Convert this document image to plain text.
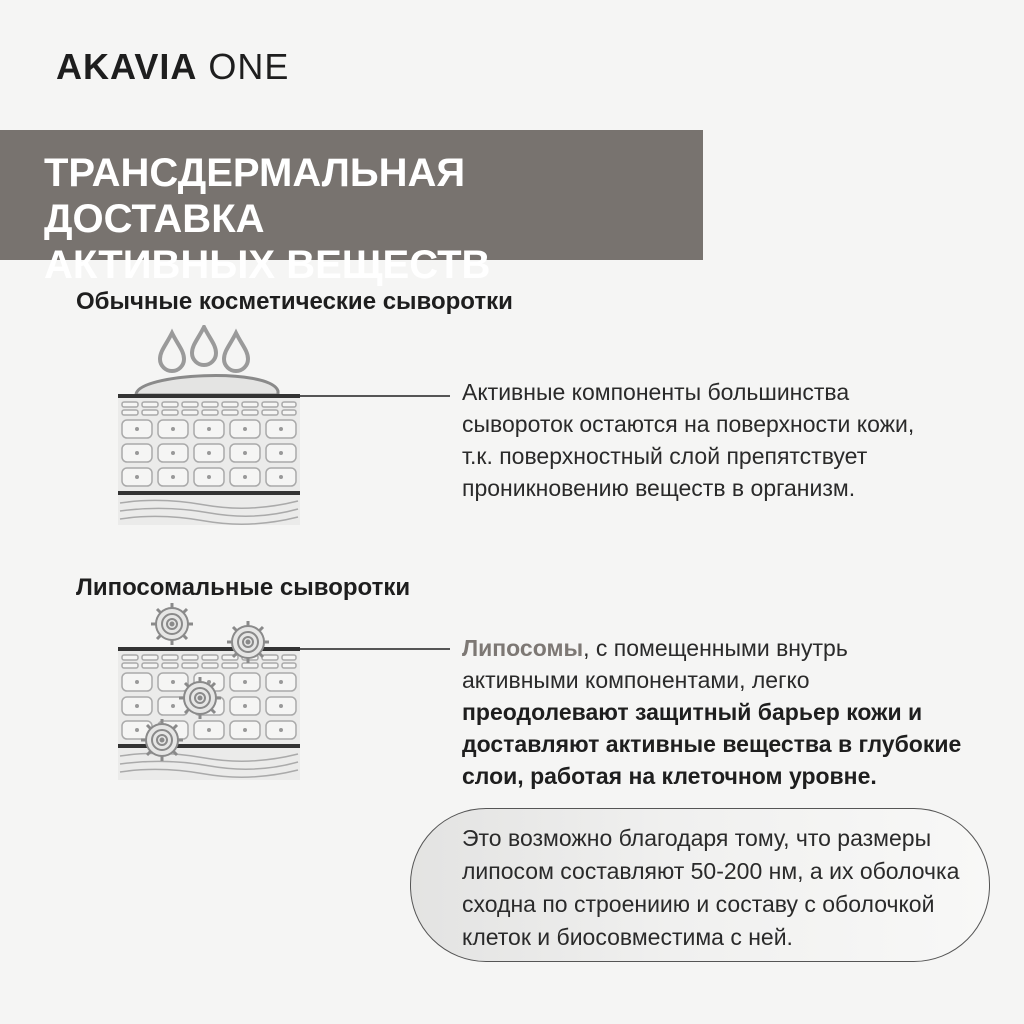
AKAVIA ONE
ТРАНСДЕРМАЛЬНАЯ ДОСТАВКА
АКТИВНЫХ ВЕЩЕСТВ
Обычные косметические сыворотки
Активные компоненты большинства
сывороток остаются на поверхности кожи,
т.к. поверхностный слой препятствует
проникновению веществ в организм.
Липосомальные сыворотки
Липосомы, с помещенными внутрь
активными компонентами, легко
преодолевают защитный барьер кожи и
доставляют активные вещества в глубокие
слои, работая на клеточном уровне.
Это возможно благодаря тому, что размеры
липосом составляют 50-200 нм, а их оболочка
сходна по строениию и составу с оболочкой
клеток и биосовместима с ней.
